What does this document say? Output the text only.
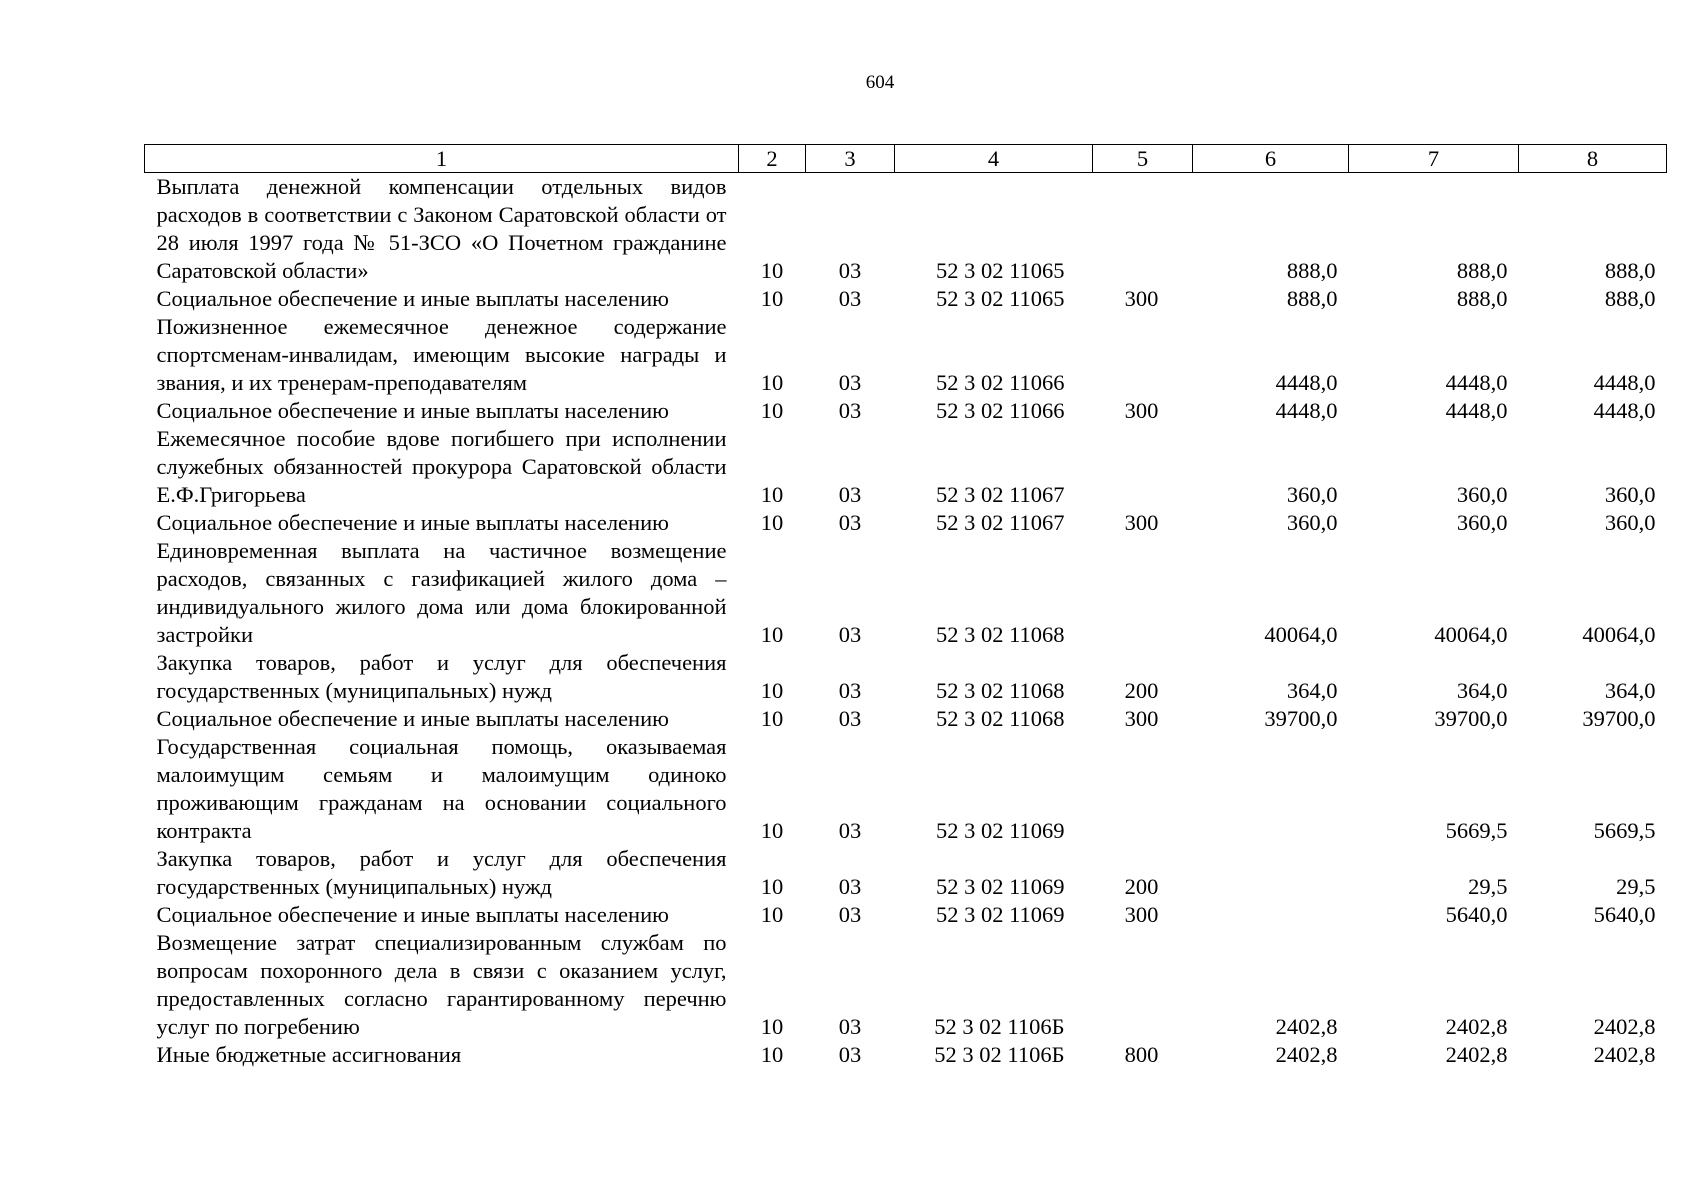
604
1	2	3	4	5	6	7	8
Выплата денежной компенсации отдельных видов расходов в соответствии с Законом Саратовской области от 28 июля 1997 года № 51-ЗСО «О Почетном гражданине Саратовской области»	10	03	52 3 02 11065		888,0	888,0	888,0
Социальное обеспечение и иные выплаты населению	10	03	52 3 02 11065	300	888,0	888,0	888,0
Пожизненное ежемесячное денежное содержание спортсменам-инвалидам, имеющим высокие награды и звания, и их тренерам-преподавателям	10	03	52 3 02 11066		4448,0	4448,0	4448,0
Социальное обеспечение и иные выплаты населению	10	03	52 3 02 11066	300	4448,0	4448,0	4448,0
Ежемесячное пособие вдове погибшего при исполнении служебных обязанностей прокурора Саратовской области Е.Ф.Григорьева	10	03	52 3 02 11067		360,0	360,0	360,0
Социальное обеспечение и иные выплаты населению	10	03	52 3 02 11067	300	360,0	360,0	360,0
Единовременная выплата на частичное возмещение расходов, связанных с газификацией жилого дома – индивидуального жилого дома или дома блокированной застройки	10	03	52 3 02 11068		40064,0	40064,0	40064,0
Закупка товаров, работ и услуг для обеспечения государственных (муниципальных) нужд	10	03	52 3 02 11068	200	364,0	364,0	364,0
Социальное обеспечение и иные выплаты населению	10	03	52 3 02 11068	300	39700,0	39700,0	39700,0
Государственная социальная помощь, оказываемая малоимущим семьям и малоимущим одиноко проживающим гражданам на основании социального контракта	10	03	52 3 02 11069			5669,5	5669,5
Закупка товаров, работ и услуг для обеспечения государственных (муниципальных) нужд	10	03	52 3 02 11069	200		29,5	29,5
Социальное обеспечение и иные выплаты населению	10	03	52 3 02 11069	300		5640,0	5640,0
Возмещение затрат специализированным службам по вопросам похоронного дела в связи с оказанием услуг, предоставленных согласно гарантированному перечню услуг по погребению	10	03	52 3 02 1106Б		2402,8	2402,8	2402,8
Иные бюджетные ассигнования	10	03	52 3 02 1106Б	800	2402,8	2402,8	2402,8
